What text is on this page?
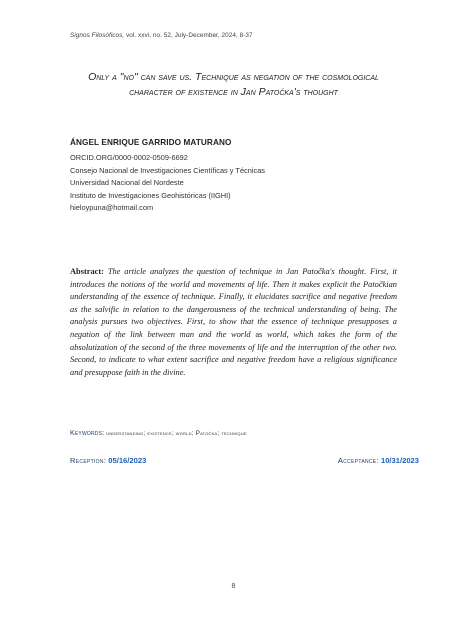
Signos Filosóficos, vol. xxvi, no. 52, July-December, 2024, 8-37
Only a "no" can save us. Technique as negation of the cosmological
character of existence in Jan Patočka's thought
ÁNGEL ENRIQUE GARRIDO MATURANO
ORCID.ORG/0000-0002-0509-6692
Consejo Nacional de Investigaciones Científicas y Técnicas
Universidad Nacional del Nordeste
Instituto de Investigaciones Geohistóricas (IIGHI)
hieloypuna@hotmail.com
Abstract: The article analyzes the question of technique in Jan Patočka's thought. First, it introduces the notions of the world and movements of life. Then it makes explicit the Patočkian understanding of the essence of technique. Finally, it elucidates sacrifice and negative freedom as the salvific in relation to the dangerousness of the technical understanding of being. The analysis pursues two objectives. First, to show that the essence of technique presupposes a negation of the link between man and the world as world, which takes the form of the absolutization of the second of the three movements of life and the interruption of the other two. Second, to indicate to what extent sacrifice and negative freedom have a religious significance and presuppose faith in the divine.
Keywords: understanding; existence; world; Patočka; technique
Reception: 05/16/2023	Acceptance: 10/31/2023
8
